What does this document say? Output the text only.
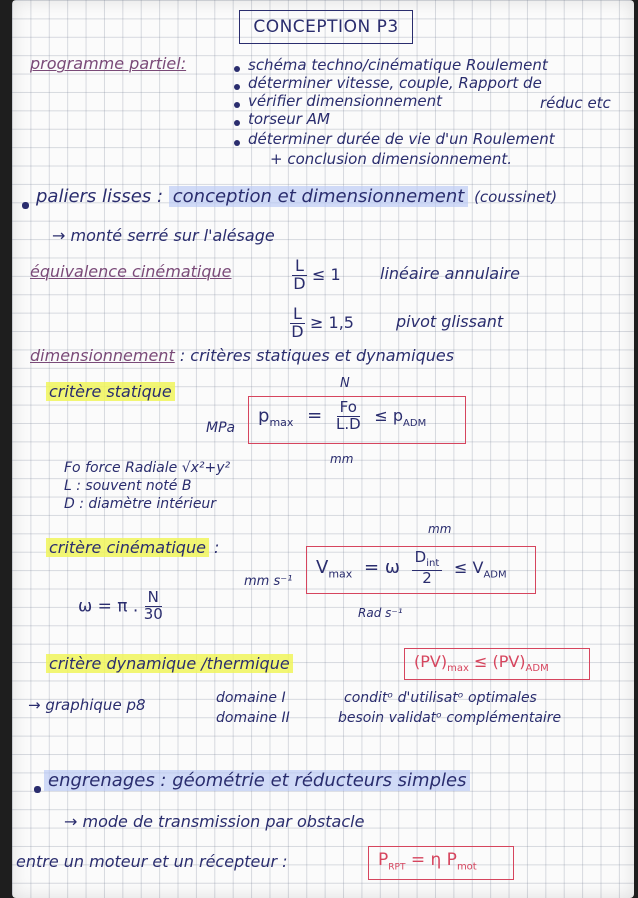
CONCEPTION P3
programme partiel:	schéma techno/cinématique Roulement
déterminer vitesse, couple, Rapport de
vérifier dimensionnement	réduc etc
torseur AM
déterminer durée de vie d'un Roulement
+ conclusion dimensionnement.
paliers lisses : conception et dimensionnement (coussinet)
→ monté serré sur l'alésage
équivalence cinématique	$\frac{L}{D} \le 1$ linéaire annulaire
$\frac{L}{D} \ge 1,5$	pivot glissant
dimensionnement : critères statiques et dynamiques
critère statique	N
MPa
$p_{max} = \frac{Fo}{L.D} \le p_{ADM}$
mm
Fo force Radiale √x²+y²
L : souvent noté B
D : diamètre intérieur
mm
critère cinématique :
mm s⁻¹
$V_{max} = \omega \frac{D_{int}}{2} \le V_{ADM}$
Rad s⁻¹
ω = π . $\frac{N}{30}$
critère dynamique /thermique	$(PV)_{max} \le (PV)_{ADM}$
→ graphique p8	domaine I	conditᵒ d'utilisatᵒ optimales
domaine II	besoin validatᵒ complémentaire
engrenages : géométrie et réducteurs simples
→ mode de transmission par obstacle
entre un moteur et un récepteur :	$P_{RPT} = \eta$ $P_{mot}$
